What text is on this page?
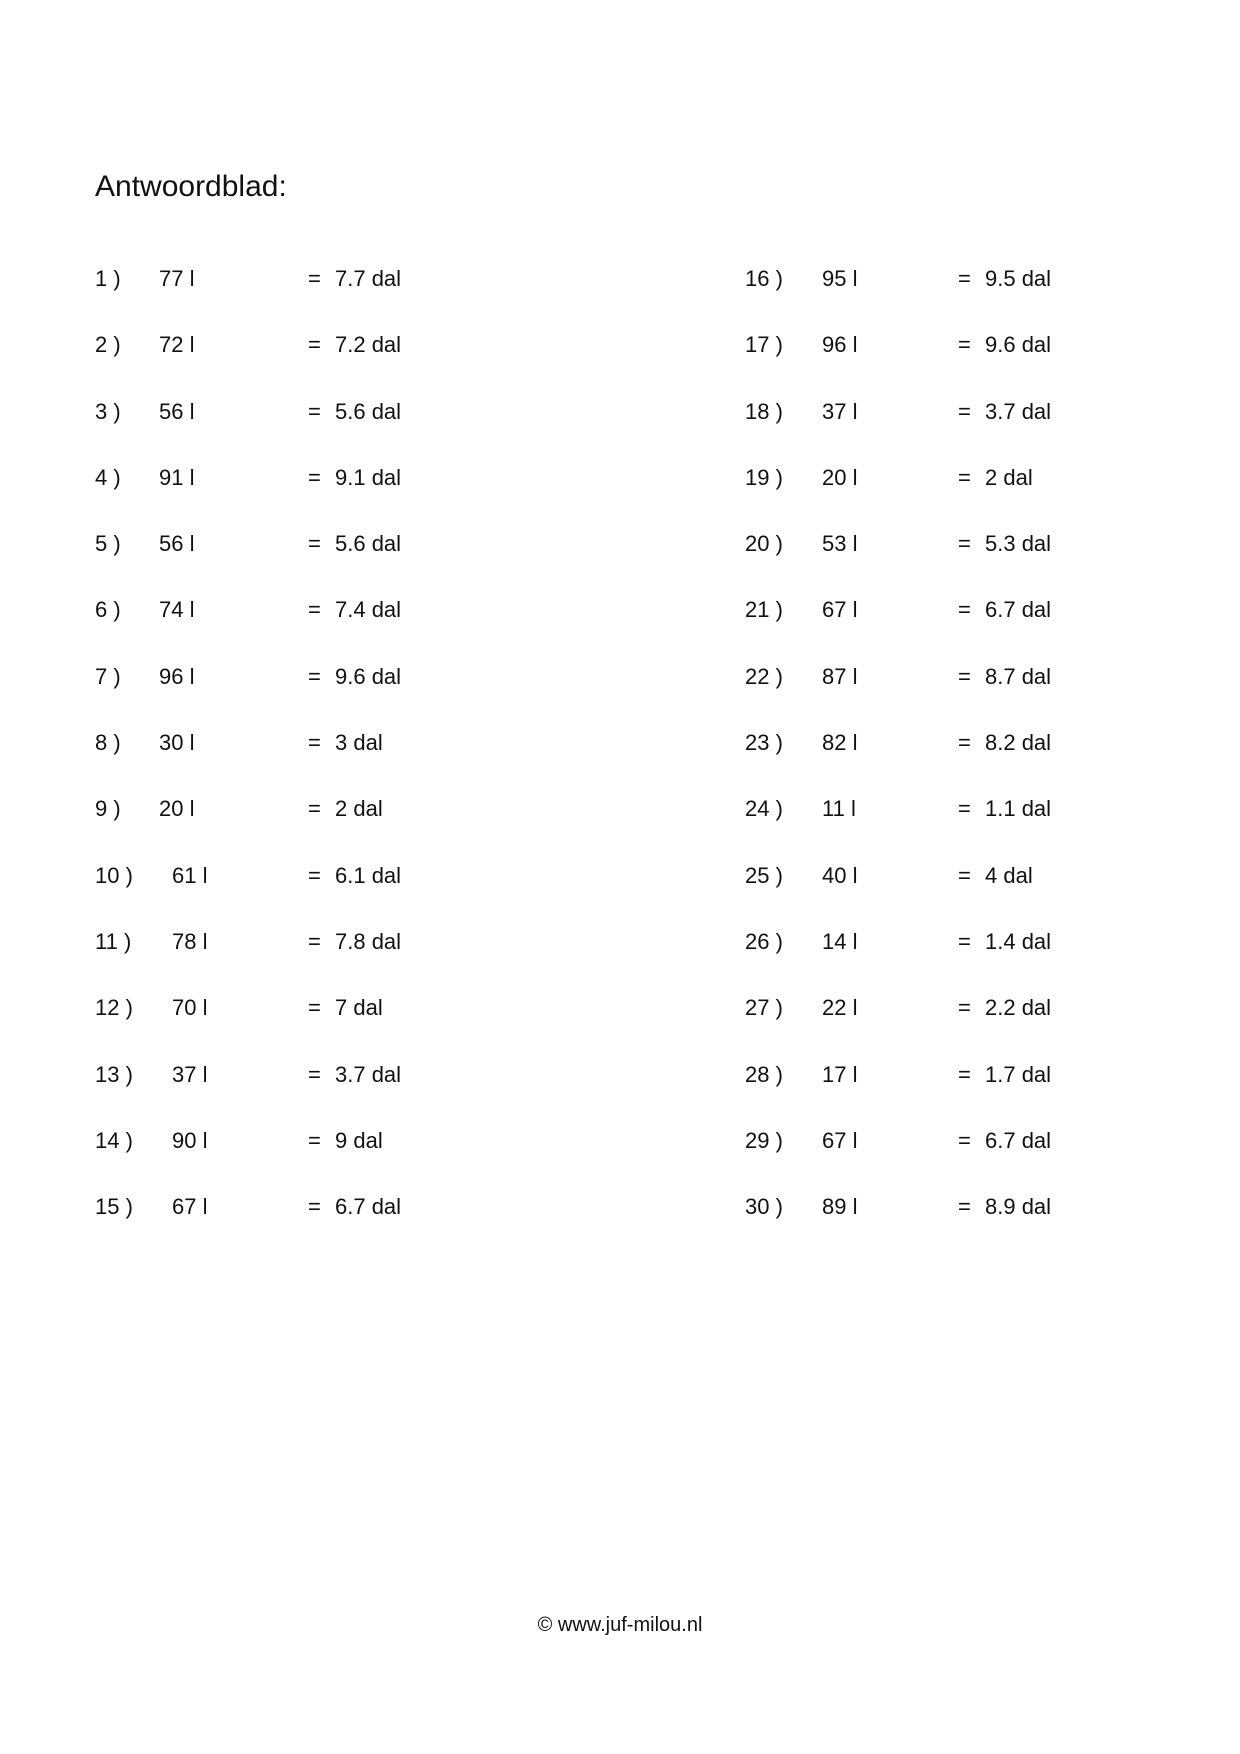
Antwoordblad:
1 ) 77 l	= 7.7 dal
2 ) 72 l	= 7.2 dal
3 ) 56 l	= 5.6 dal
4 ) 91 l	= 9.1 dal
5 ) 56 l	= 5.6 dal
6 ) 74 l	= 7.4 dal
7 ) 96 l	= 9.6 dal
8 ) 30 l	= 3 dal
9 ) 20 l	= 2 dal
10 ) 61 l	= 6.1 dal
11 ) 78 l	= 7.8 dal
12 ) 70 l	= 7 dal
13 ) 37 l	= 3.7 dal
14 ) 90 l	= 9 dal
15 ) 67 l	= 6.7 dal
16 ) 95 l	= 9.5 dal
17 ) 96 l	= 9.6 dal
18 ) 37 l	= 3.7 dal
19 ) 20 l	= 2 dal
20 ) 53 l	= 5.3 dal
21 ) 67 l	= 6.7 dal
22 ) 87 l	= 8.7 dal
23 ) 82 l	= 8.2 dal
24 ) 11 l	= 1.1 dal
25 ) 40 l	= 4 dal
26 ) 14 l	= 1.4 dal
27 ) 22 l	= 2.2 dal
28 ) 17 l	= 1.7 dal
29 ) 67 l	= 6.7 dal
30 ) 89 l	= 8.9 dal
© www.juf-milou.nl
